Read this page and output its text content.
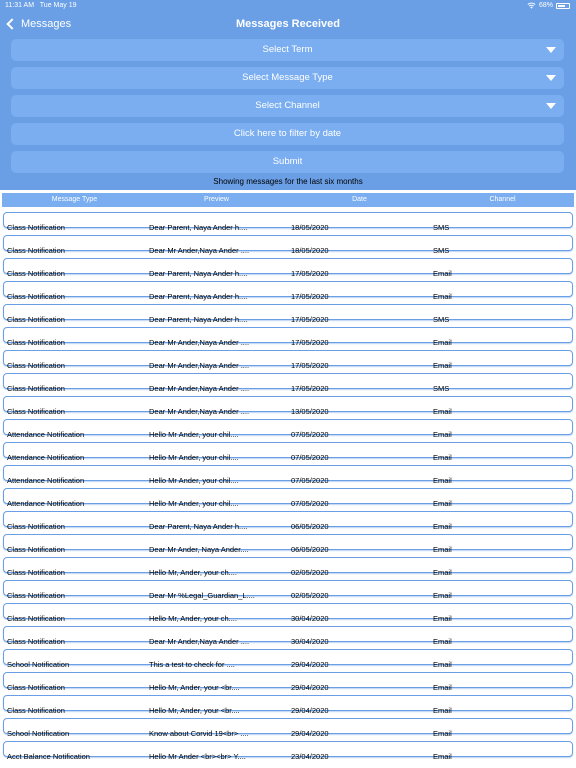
11:31 AM Tue May 19	68%
Messages	Messages Received
Select Term
Select Message Type
Select Channel
Click here to filter by date
Submit
Showing messages for the last six months
Message Type	Preview	Date	Channel
Class Notification	Dear Parent, Naya Ander h....	18/05/2020	SMS
Class Notification	Dear Mr Ander,Naya Ander ....	18/05/2020	SMS
Class Notification	Dear Parent, Naya Ander h....	17/05/2020	Email
Class Notification	Dear Parent, Naya Ander h....	17/05/2020	Email
Class Notification	Dear Parent, Naya Ander h....	17/05/2020	SMS
Class Notification	Dear Mr Ander,Naya Ander ....	17/05/2020	Email
Class Notification	Dear Mr Ander,Naya Ander ....	17/05/2020	Email
Class Notification	Dear Mr Ander,Naya Ander ....	17/05/2020	SMS
Class Notification	Dear Mr Ander,Naya Ander ....	13/05/2020	Email
Attendance Notification	Hello Mr Ander, your chil....	07/05/2020	Email
Attendance Notification	Hello Mr Ander, your chil....	07/05/2020	Email
Attendance Notification	Hello Mr Ander, your chil....	07/05/2020	Email
Attendance Notification	Hello Mr Ander, your chil....	07/05/2020	Email
Class Notification	Dear Parent, Naya Ander h....	06/05/2020	Email
Class Notification	Dear Mr Ander, Naya Ander....	06/05/2020	Email
Class Notification	Hello Mr, Ander, your ch....	02/05/2020	Email
Class Notification	Dear Mr %Legal_Guardian_L....	02/05/2020	Email
Class Notification	Hello Mr, Ander, your ch....	30/04/2020	Email
Class Notification	Dear Mr Ander,Naya Ander ....	30/04/2020	Email
School Notification	This a test to check for ....	29/04/2020	Email
Class Notification	Hello Mr, Ander, your <br....	29/04/2020	Email
Class Notification	Hello Mr, Ander, your <br....	29/04/2020	Email
School Notification	Know about Corvid 19<br> ....	29/04/2020	Email
Acct Balance Notification	Hello Mr Ander <br><br> Y....	23/04/2020	Email
